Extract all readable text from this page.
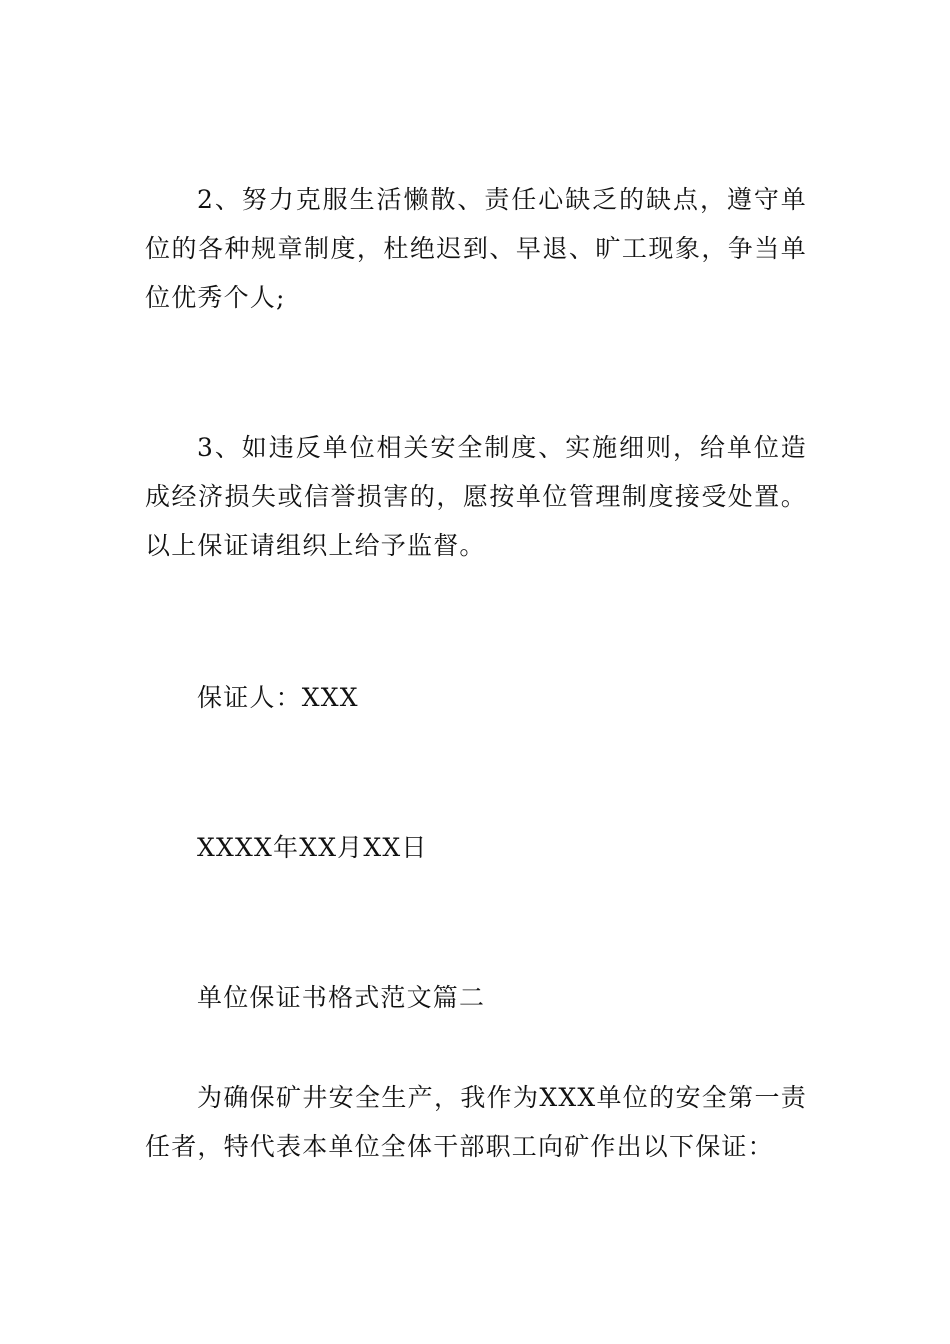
2、努力克服生活懒散、责任心缺乏的缺点，遵守单位的各种规章制度，杜绝迟到、早退、旷工现象，争当单位优秀个人;

3、如违反单位相关安全制度、实施细则，给单位造成经济损失或信誉损害的，愿按单位管理制度接受处置。 以上保证请组织上给予监督。

保证人：XXX

XXXX年XX月XX日

单位保证书格式范文篇二

为确保矿井安全生产，我作为XXX单位的安全第一责任者，特代表本单位全体干部职工向矿作出以下保证：
